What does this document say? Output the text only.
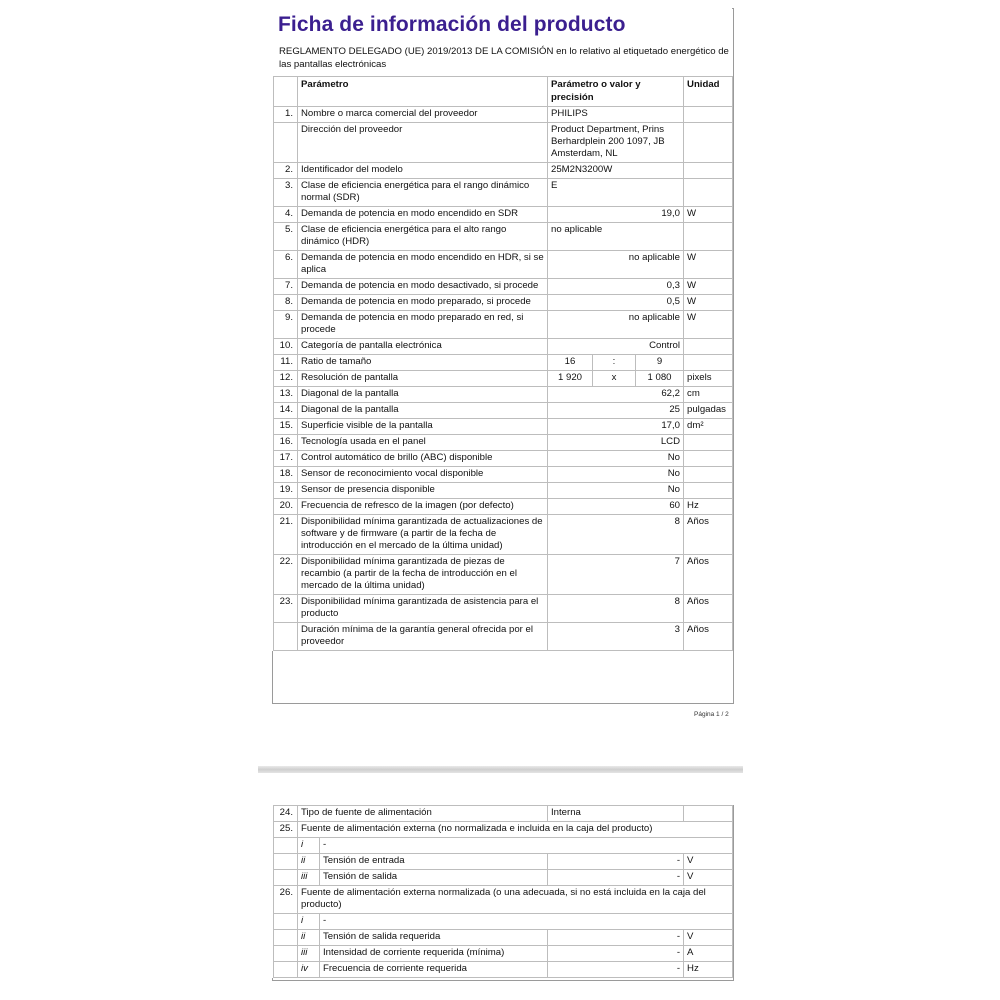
Ficha de información del producto
REGLAMENTO DELEGADO (UE) 2019/2013 DE LA COMISIÓN en lo relativo al etiquetado energético de las pantallas electrónicas
	Parámetro	Parámetro o valor y precisión			Unidad
1.	Nombre o marca comercial del proveedor	PHILIPS			
	Dirección del proveedor	Product Department, Prins Berhardplein 200 1097, JB Amsterdam, NL			
2.	Identificador del modelo	25M2N3200W			
3.	Clase de eficiencia energética para el rango dinámico normal (SDR)	E			
4.	Demanda de potencia en modo encendido en SDR	19,0			W
5.	Clase de eficiencia energética para el alto rango dinámico (HDR)	no aplicable			
6.	Demanda de potencia en modo encendido en HDR, si se aplica	no aplicable			W
7.	Demanda de potencia en modo desactivado, si procede	0,3			W
8.	Demanda de potencia en modo preparado, si procede	0,5			W
9.	Demanda de potencia en modo preparado en red, si procede	no aplicable			W
10.	Categoría de pantalla electrónica	Control			
11.	Ratio de tamaño	16	:	9	
12.	Resolución de pantalla	1 920	x	1 080	pixels
13.	Diagonal de la pantalla	62,2			cm
14.	Diagonal de la pantalla	25			pulgadas
15.	Superficie visible de la pantalla	17,0			dm²
16.	Tecnología usada en el panel	LCD			
17.	Control automático de brillo (ABC) disponible	No			
18.	Sensor de reconocimiento vocal disponible	No			
19.	Sensor de presencia disponible	No			
20.	Frecuencia de refresco de la imagen (por defecto)	60			Hz
21.	Disponibilidad mínima garantizada de actualizaciones de software y de firmware (a partir de la fecha de introducción en el mercado de la última unidad)	8			Años
22.	Disponibilidad mínima garantizada de piezas de recambio (a partir de la fecha de introducción en el mercado de la última unidad)	7			Años
23.	Disponibilidad mínima garantizada de asistencia para el producto	8			Años
	Duración mínima de la garantía general ofrecida por el proveedor	3			Años
Página 1 / 2
24.	Tipo de fuente de alimentación		Interna	
25.	Fuente de alimentación externa (no normalizada e incluida en la caja del producto)			
	i	-		
	ii	Tensión de entrada	-	V
	iii	Tensión de salida	-	V
26.	Fuente de alimentación externa normalizada (o una adecuada, si no está incluida en la caja del producto)			
	i	-		
	ii	Tensión de salida requerida	-	V
	iii	Intensidad de corriente requerida (mínima)	-	A
	iv	Frecuencia de corriente requerida	-	Hz
